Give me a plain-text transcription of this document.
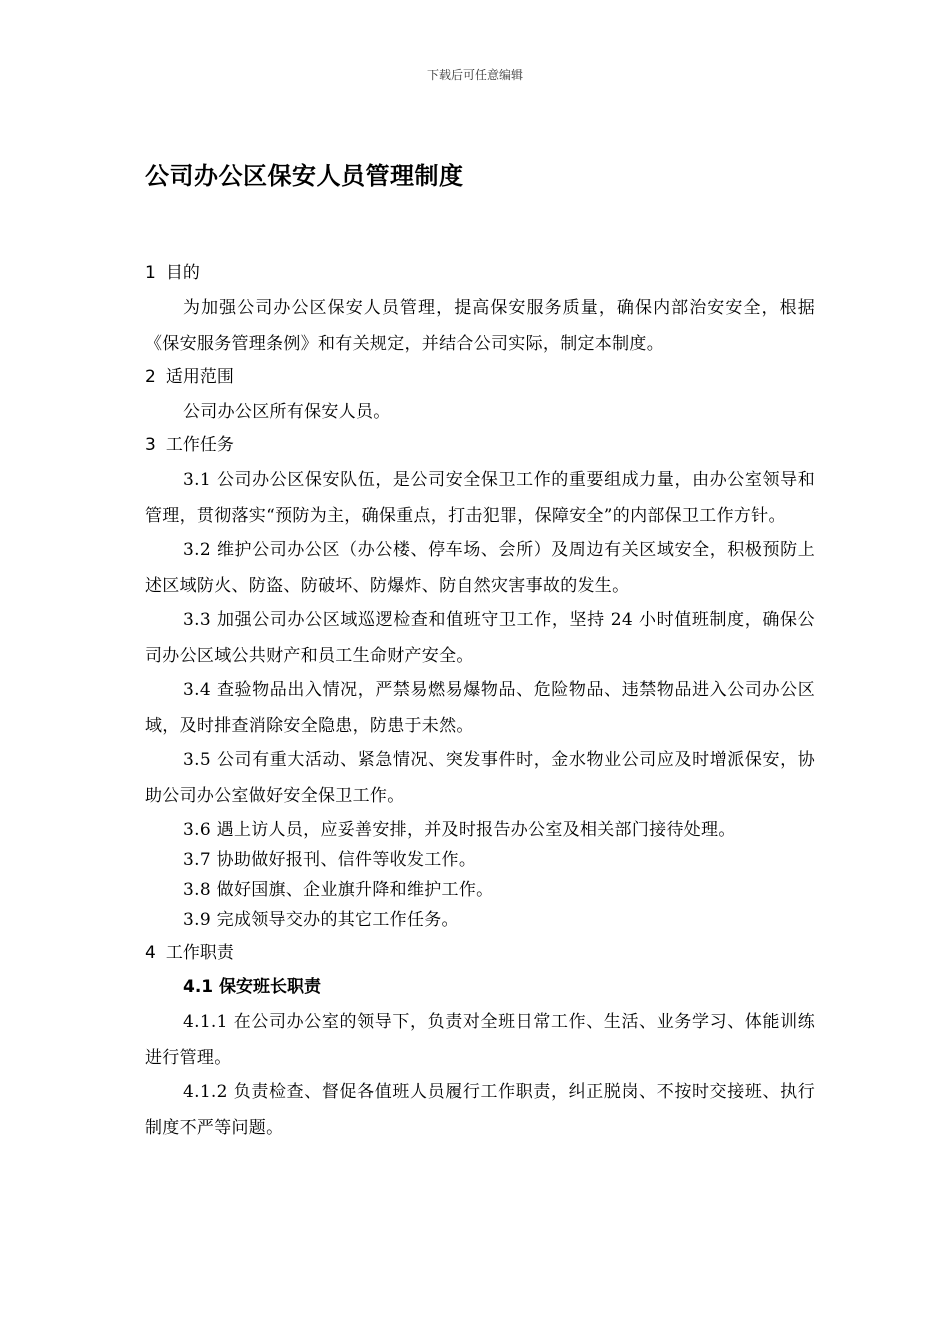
下载后可任意编辑
公司办公区保安人员管理制度
1 目的

为加强公司办公区保安人员管理，提高保安服务质量，确保内部治安安全，根据《保安服务管理条例》和有关规定，并结合公司实际，制定本制度。

2 适用范围

公司办公区所有保安人员。

3 工作任务

3.1 公司办公区保安队伍，是公司安全保卫工作的重要组成力量，由办公室领导和管理，贯彻落实“预防为主，确保重点，打击犯罪，保障安全”的内部保卫工作方针。

3.2 维护公司办公区（办公楼、停车场、会所）及周边有关区域安全，积极预防上述区域防火、防盗、防破坏、防爆炸、防自然灾害事故的发生。

3.3 加强公司办公区域巡逻检查和值班守卫工作，坚持 24 小时值班制度，确保公司办公区域公共财产和员工生命财产安全。

3.4 查验物品出入情况，严禁易燃易爆物品、危险物品、违禁物品进入公司办公区域，及时排查消除安全隐患，防患于未然。

3.5 公司有重大活动、紧急情况、突发事件时，金水物业公司应及时增派保安，协助公司办公室做好安全保卫工作。

3.6 遇上访人员，应妥善安排，并及时报告办公室及相关部门接待处理。

3.7 协助做好报刊、信件等收发工作。

3.8 做好国旗、企业旗升降和维护工作。

3.9 完成领导交办的其它工作任务。

4 工作职责
4.1 保安班长职责

4.1.1 在公司办公室的领导下，负责对全班日常工作、生活、业务学习、体能训练进行管理。

4.1.2 负责检查、督促各值班人员履行工作职责，纠正脱岗、不按时交接班、执行制度不严等问题。
